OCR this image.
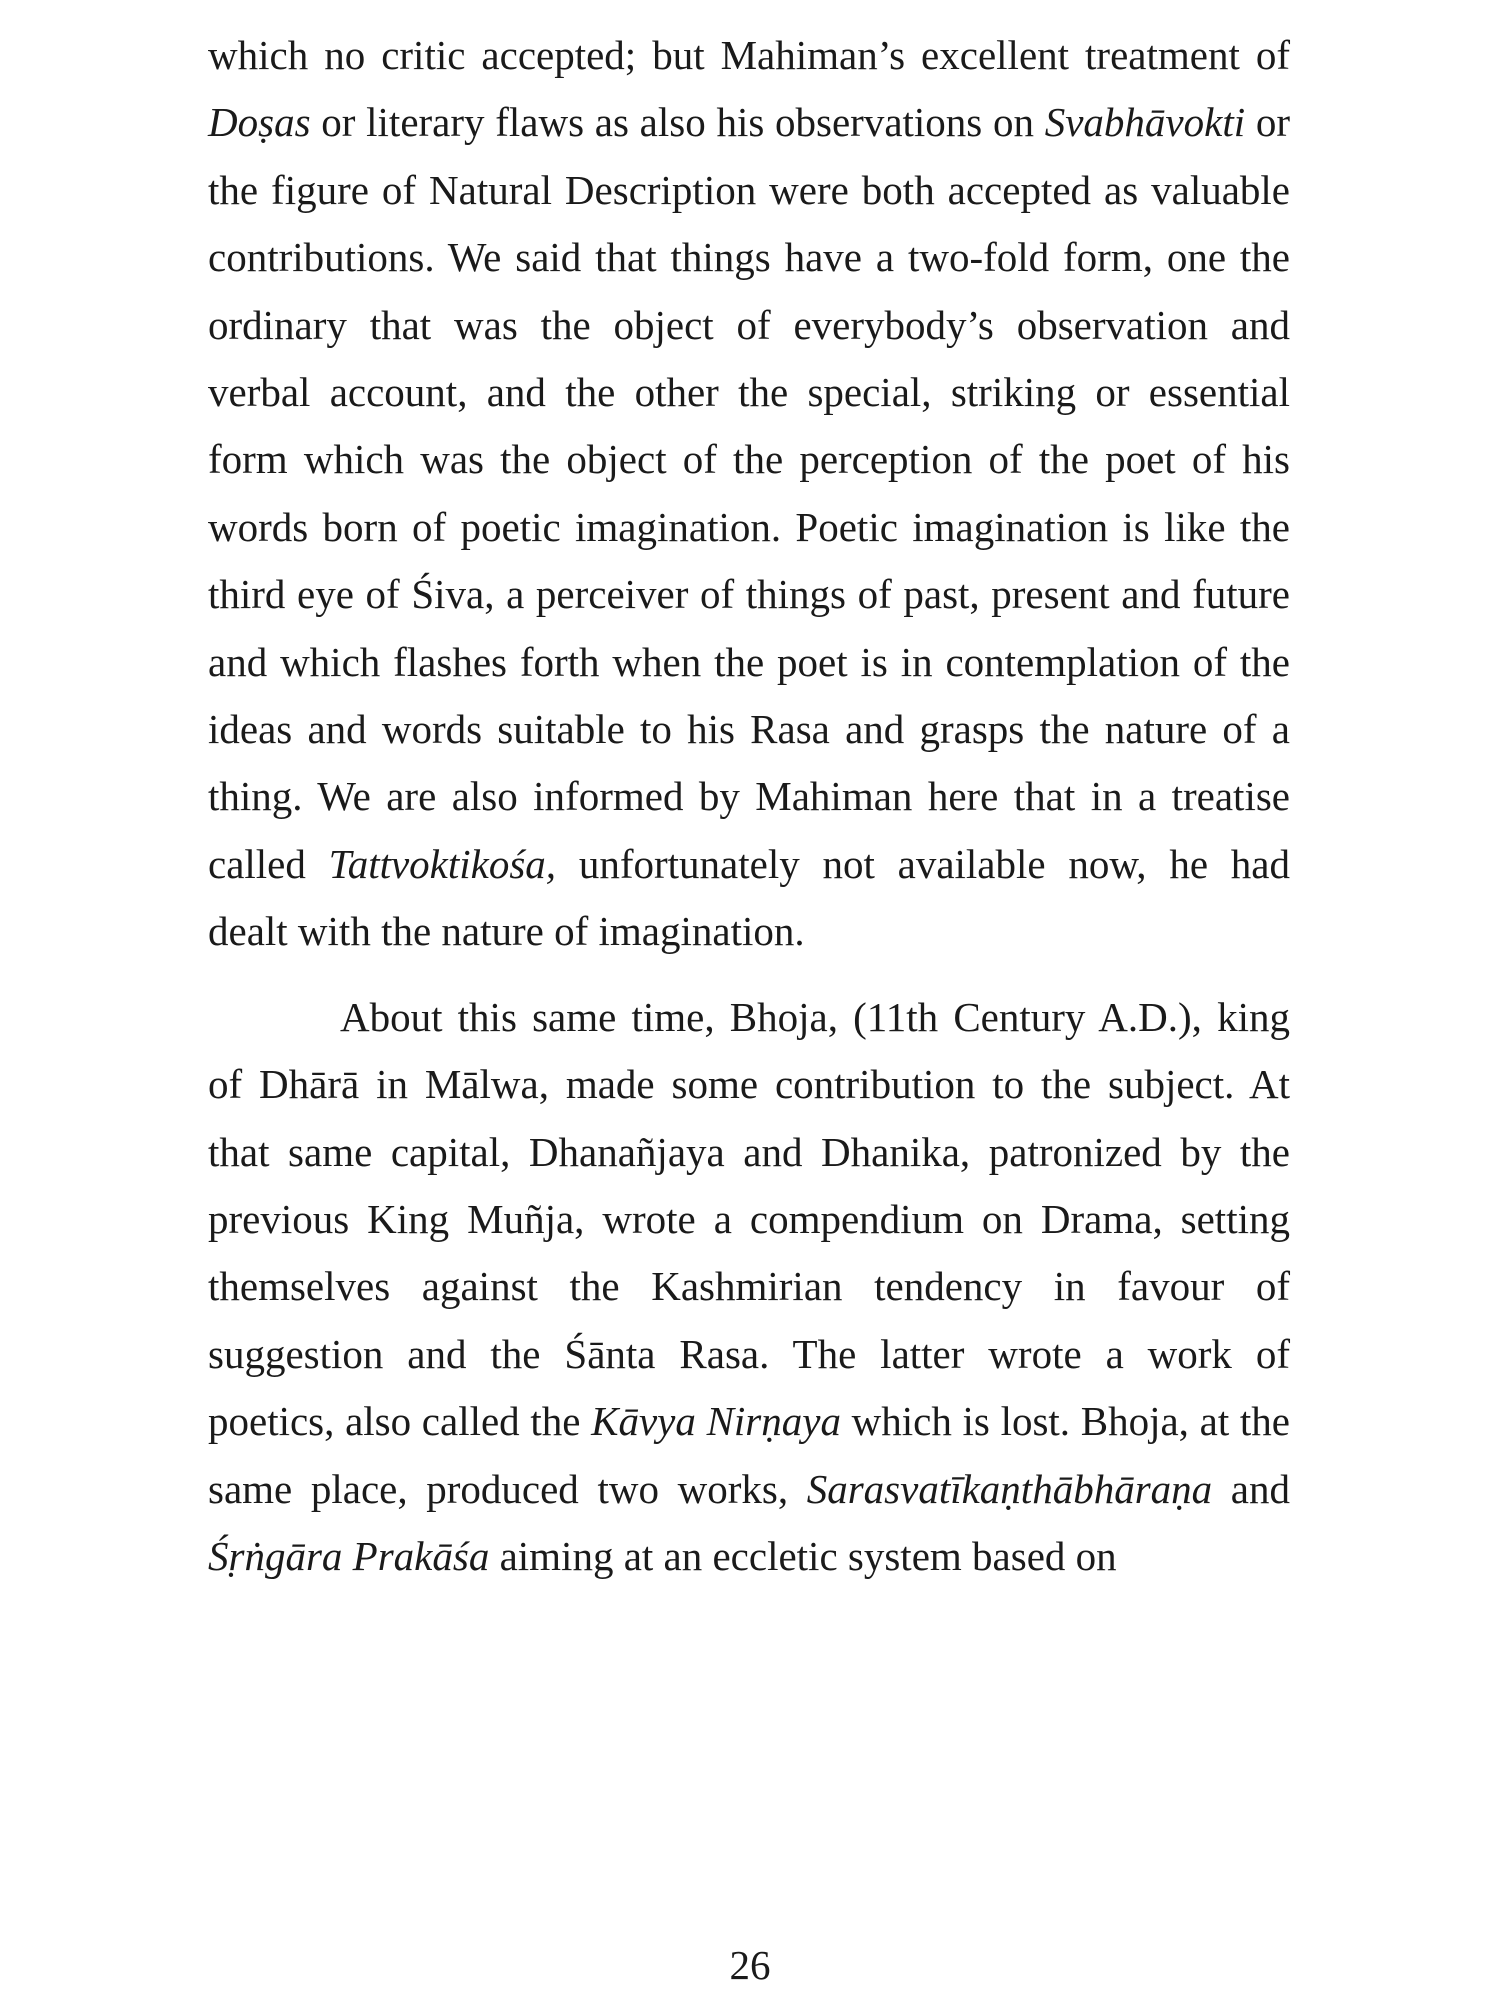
which no critic accepted; but Mahiman’s excellent treatment of Doṣas or literary flaws as also his observations on Svabhāvokti or the figure of Natural Description were both accepted as valuable contributions. We said that things have a two-fold form, one the ordinary that was the object of everybody’s observation and verbal account, and the other the special, striking or essential form which was the object of the perception of the poet of his words born of poetic imagination. Poetic imagination is like the third eye of Śiva, a perceiver of things of past, present and future and which flashes forth when the poet is in contemplation of the ideas and words suitable to his Rasa and grasps the nature of a thing. We are also informed by Mahiman here that in a treatise called Tattvoktikośa, unfortunately not available now, he had dealt with the nature of imagination.

About this same time, Bhoja, (11th Century A.D.), king of Dhārā in Mālwa, made some contribution to the subject. At that same capital, Dhanañjaya and Dhanika, patronized by the previous King Muñja, wrote a compendium on Drama, setting themselves against the Kashmirian tendency in favour of suggestion and the Śānta Rasa. The latter wrote a work of poetics, also called the Kāvya Nirṇaya which is lost. Bhoja, at the same place, produced two works, Sarasvatīkaṇthābhāraṇa and Śṛṅgāra Prakāśa aiming at an eccletic system based on

26
